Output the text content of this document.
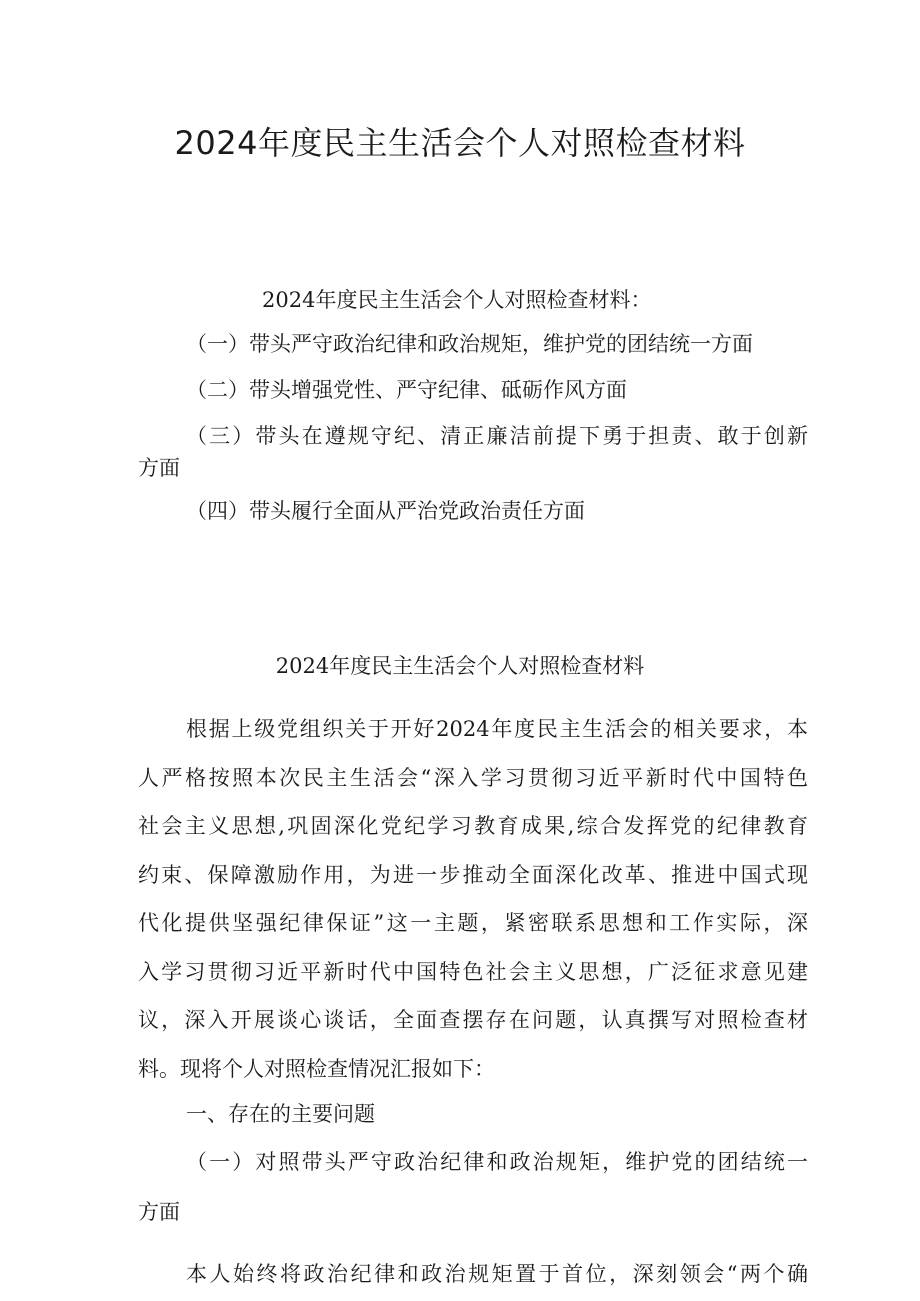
2024年度民主生活会个人对照检查材料

2024年度民主生活会个人对照检查材料：

（一）带头严守政治纪律和政治规矩，维护党的团结统一方面

（二）带头增强党性、严守纪律、砥砺作风方面

（三）带头在遵规守纪、清正廉洁前提下勇于担责、敢于创新
方面

（四）带头履行全面从严治党政治责任方面

2024年度民主生活会个人对照检查材料

根据上级党组织关于开好2024年度民主生活会的相关要求，本
人严格按照本次民主生活会“深入学习贯彻习近平新时代中国特色
社会主义思想,巩固深化党纪学习教育成果,综合发挥党的纪律教育
约束、保障激励作用，为进一步推动全面深化改革、推进中国式现
代化提供坚强纪律保证”这一主题，紧密联系思想和工作实际，深
入学习贯彻习近平新时代中国特色社会主义思想，广泛征求意见建
议，深入开展谈心谈话，全面查摆存在问题，认真撰写对照检查材
料。现将个人对照检查情况汇报如下：

一、存在的主要问题

（一）对照带头严守政治纪律和政治规矩，维护党的团结统一
方面
本人始终将政治纪律和政治规矩置于首位，深刻领会“两个确
